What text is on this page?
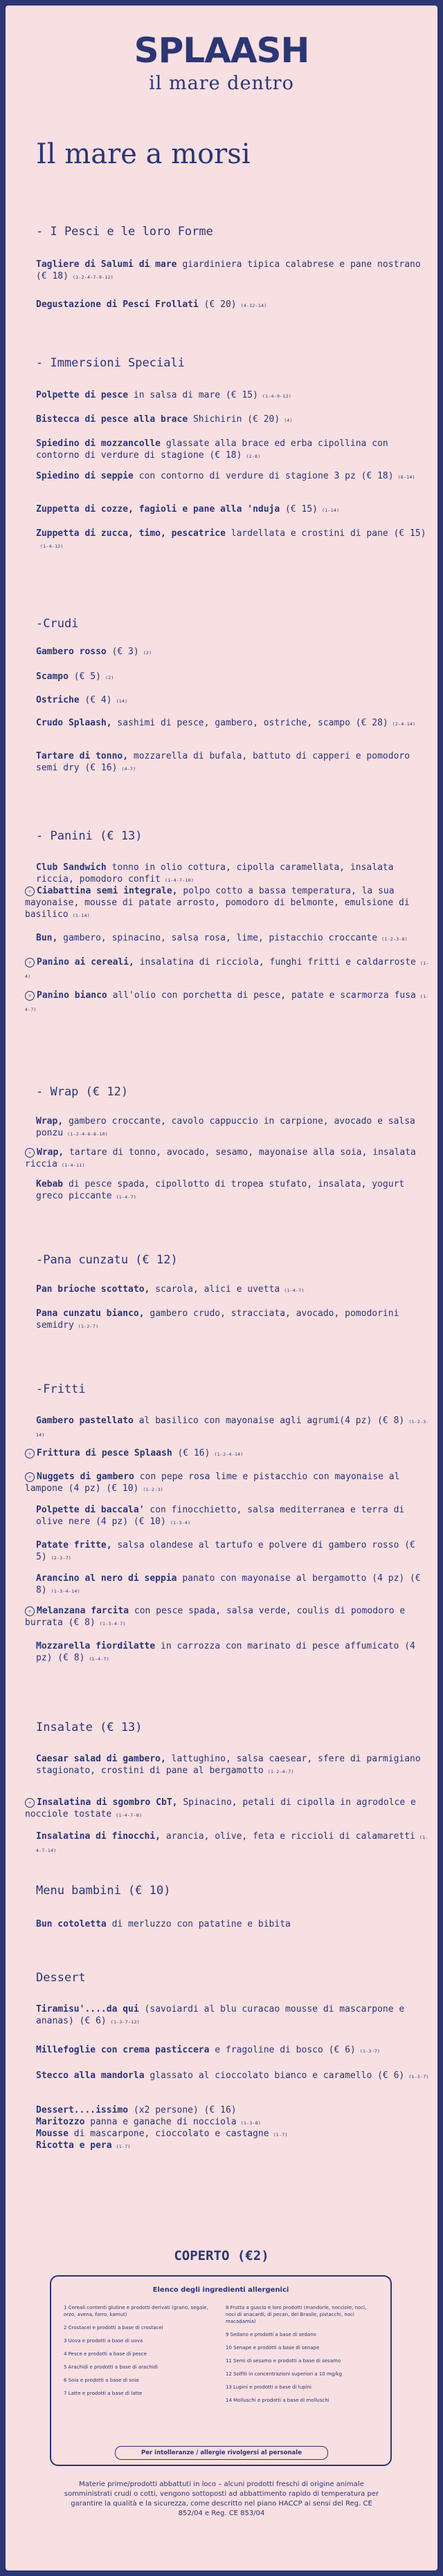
SPLAASH
il mare dentro
Il mare a morsi
- I Pesci e le loro Forme
- Immersioni Speciali
-Crudi
- Panini (€ 13)
- Wrap (€ 12)
-Pana cunzatu (€ 12)
-Fritti
Insalate (€ 13)
Menu bambini (€ 10)
Dessert
Tagliere di Salumi di mare giardiniera tipica calabrese e pane nostrano (€ 18) (1-2-4-7-9-12)
Degustazione di Pesci Frollati (€ 20) (4-12-14)
Polpette di pesce in salsa di mare (€ 15) (1-4-9-12)
Bistecca di pesce alla brace Shichirin (€ 20) (4)
Spiedino di mozzancolle glassate alla brace ed erba cipollina con contorno di verdure di stagione (€ 18) (2-8)
Spiedino di seppie con contorno di verdure di stagione 3 pz (€ 18) (8-14)
Zuppetta di cozze, fagioli e pane alla 'nduja (€ 15) (1-14)
Zuppetta di zucca, timo, pescatrice lardellata e crostini di pane (€ 15)(1-4-12)
Gambero rosso (€ 3) (2)
Scampo (€ 5) (2)
Ostriche (€ 4) (14)
Crudo Splaash, sashimi di pesce, gambero, ostriche, scampo (€ 28) (2-4-14)
Tartare di tonno, mozzarella di bufala, battuto di capperi e pomodoro semi dry (€ 16) (4-7)
Club Sandwich tonno in olio cottura, cipolla caramellata, insalata riccia, pomodoro confit (1-4-7-10)
✧ Ciabattina semi integrale, polpo cotto a bassa temperatura, la sua mayonaise, mousse di patate arrosto, pomodoro di belmonte, emulsione di basilico (1-14)
Bun, gambero, spinacino, salsa rosa, lime, pistacchio croccante (1-2-3-8)
✧ Panino ai cereali, insalatina di ricciola, funghi fritti e caldarroste (1-4)
✧ Panino bianco all'olio con porchetta di pesce, patate e scarmorza fusa (1-4-7)
Wrap, gambero croccante, cavolo cappuccio in carpione, avocado e salsa ponzu (1-2-4-6-8-10)
✧ Wrap, tartare di tonno, avocado, sesamo, mayonaise alla soia, insalata riccia (1-4-11)
Kebab di pesce spada, cipollotto di tropea stufato, insalata, yogurt greco piccante (1-4-7)
Pan brioche scottato, scarola, alici e uvetta (1-4-7)
Pana cunzatu bianco, gambero crudo, stracciata, avocado, pomodorini semidry (1-2-7)
Gambero pastellato al basilico con mayonaise agli agrumi(4 pz) (€ 8) (1-2-3-14)
✧ Frittura di pesce Splaash (€ 16) (1-2-4-14)
✧ Nuggets di gambero con pepe rosa lime e pistacchio con mayonaise al lampone (4 pz) (€ 10) (1-2-3)
Polpette di baccala' con finocchietto, salsa mediterranea e terra di olive nere (4 pz) (€ 10) (1-3-4)
Patate fritte, salsa olandese al tartufo e polvere di gambero rosso (€ 5) (2-3-7)
Arancino al nero di seppia panato con mayonaise al bergamotto (4 pz) (€ 8) (1-3-4-14)
✧ Melanzana farcita con pesce spada, salsa verde, coulis di pomodoro e burrata (€ 8) (1-3-4-7)
Mozzarella fiordilatte in carrozza con marinato di pesce affumicato (4 pz) (€ 8) (1-4-7)
Caesar salad di gambero, lattughino, salsa caesear, sfere di parmigiano stagionato, crostini di pane al bergamotto (1-2-4-7)
✧ Insalatina di sgombro CbT, Spinacino, petali di cipolla in agrodolce e nocciole tostate (1-4-7-8)
Insalatina di finocchi, arancia, olive, feta e riccioli di calamaretti (1-4-7-14)
Bun cotoletta di merluzzo con patatine e bibita
Tiramisu'....da qui (savoiardi al blu curacao mousse di mascarpone e ananas) (€ 6) (1-3-7-12)
Millefoglie con crema pasticcera e fragoline di bosco (€ 6) (1-3-7)
Stecco alla mandorla glassato al cioccolato bianco e caramello (€ 6) (1-3-7)
Dessert....issimo (x2 persone) (€ 16)
Maritozzo panna e ganache di nocciola (1-3-8)
Mousse di mascarpone, cioccolato e castagne (1-7)
Ricotta e pera (1-7)
COPERTO (€2)
Elenco degli ingredienti allergenici
1 Cereali contenti glutine e prodotti derivati (grano, segale, orzo, avena, farro, kamut)
2 Crostacei e prodotti a base di crostacei
3 Uova e prodotti a base di uova
4 Pesce e prodotti a base di pesce
5 Arachidi e prodotti a base di arachidi
6 Soia e prodotti a base di soia
7 Latte e prodotti a base di latte
8 Frutta a guscio e loro prodotti (mandorle, nocciole, noci, noci di anacardi, di pecan, del Brasile, pistacchi, noci macadamia)
9 Sedano e prodotti a base di sedano
10 Senape e prodotti a base di senape
11 Semi di sesamo e prodotti a base di sesamo
12 Solfiti in concentrazioni superiori a 10 mg/kg
13 Lupini e prodotti a base di lupini
14 Molluschi e prodotti a base di molluschi
Per intolleranze / allergie rivolgersi al personale
Materie prime/prodotti abbattuti in loco – alcuni prodotti freschi di origine animale somministrati crudi o cotti, vengono sottoposti ad abbattimento rapido di temperatura per garantire la qualità e la sicurezza, come descritto nel piano HACCP ai sensi del Reg. CE 852/04 e Reg. CE 853/04
